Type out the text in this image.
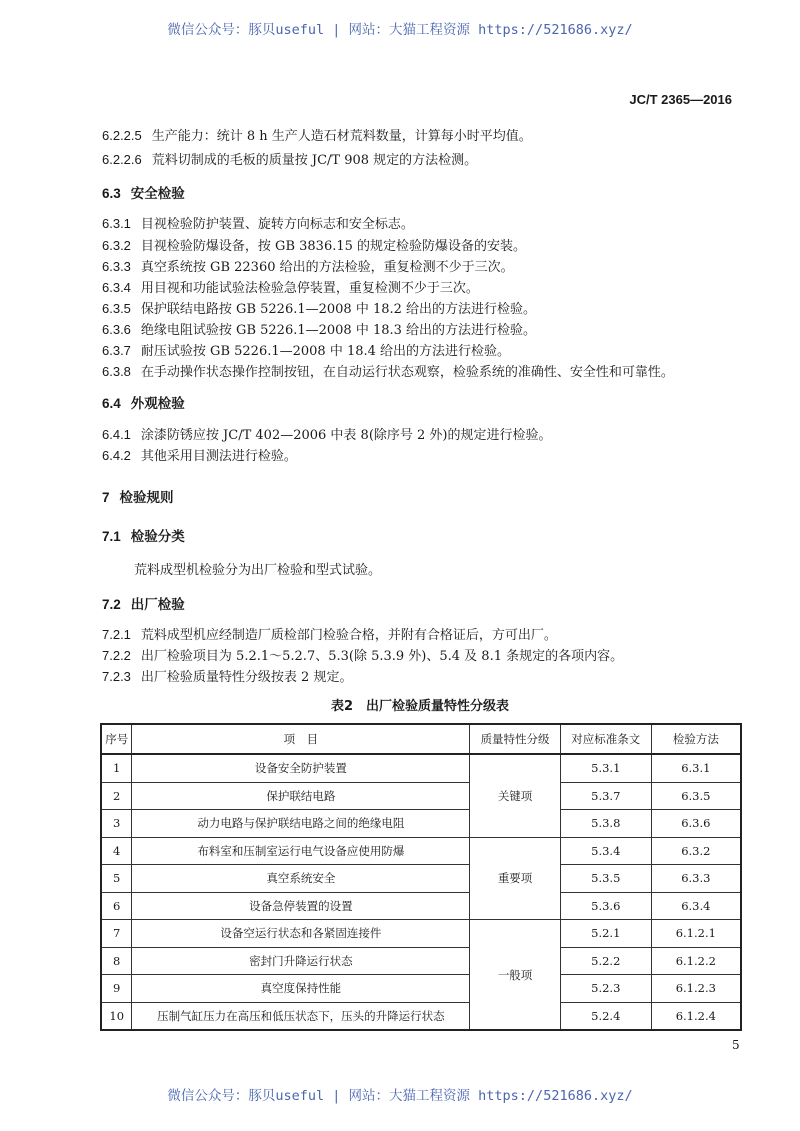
微信公众号：豚贝useful | 网站：大猫工程资源 https://521686.xyz/
JC/T 2365—2016
6.2.2.5 生产能力：统计 8 h 生产人造石材荒料数量，计算每小时平均值。
6.2.2.6 荒料切制成的毛板的质量按 JC/T 908 规定的方法检测。
6.3 安全检验
6.3.1 目视检验防护装置、旋转方向标志和安全标志。
6.3.2 目视检验防爆设备，按 GB 3836.15 的规定检验防爆设备的安装。
6.3.3 真空系统按 GB 22360 给出的方法检验，重复检测不少于三次。
6.3.4 用目视和功能试验法检验急停装置，重复检测不少于三次。
6.3.5 保护联结电路按 GB 5226.1—2008 中 18.2 给出的方法进行检验。
6.3.6 绝缘电阻试验按 GB 5226.1—2008 中 18.3 给出的方法进行检验。
6.3.7 耐压试验按 GB 5226.1—2008 中 18.4 给出的方法进行检验。
6.3.8 在手动操作状态操作控制按钮，在自动运行状态观察，检验系统的准确性、安全性和可靠性。
6.4 外观检验
6.4.1 涂漆防锈应按 JC/T 402—2006 中表 8(除序号 2 外)的规定进行检验。
6.4.2 其他采用目测法进行检验。
7 检验规则
7.1 检验分类
荒料成型机检验分为出厂检验和型式试验。
7.2 出厂检验
7.2.1 荒料成型机应经制造厂质检部门检验合格，并附有合格证后，方可出厂。
7.2.2 出厂检验项目为 5.2.1～5.2.7、5.3(除 5.3.9 外)、5.4 及 8.1 条规定的各项内容。
7.2.3 出厂检验质量特性分级按表 2 规定。
表2　出厂检验质量特性分级表
序号	项　目	质量特性分级	对应标准条文	检验方法
1	设备安全防护装置	关键项	5.3.1	6.3.1
2	保护联结电路		5.3.7	6.3.5
3	动力电路与保护联结电路之间的绝缘电阻		5.3.8	6.3.6
4	布料室和压制室运行电气设备应使用防爆	重要项	5.3.4	6.3.2
5	真空系统安全		5.3.5	6.3.3
6	设备急停装置的设置		5.3.6	6.3.4
7	设备空运行状态和各紧固连接件	一般项	5.2.1	6.1.2.1
8	密封门升降运行状态		5.2.2	6.1.2.2
9	真空度保持性能		5.2.3	6.1.2.3
10	压制气缸压力在高压和低压状态下，压头的升降运行状态		5.2.4	6.1.2.4
5
微信公众号：豚贝useful | 网站：大猫工程资源 https://521686.xyz/
